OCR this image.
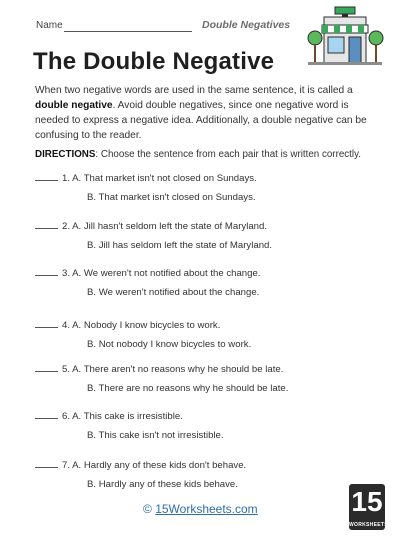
Name	Double Negatives
The Double Negative
When two negative words are used in the same sentence, it is called a double negative. Avoid double negatives, since one negative word is needed to express a negative idea. Additionally, a double negative can be confusing to the reader.
DIRECTIONS: Choose the sentence from each pair that is written correctly.
1. A. That market isn't not closed on Sundays.
B. That market isn't closed on Sundays.
2. A. Jill hasn't seldom left the state of Maryland.
B. Jill has seldom left the state of Maryland.
3. A. We weren't not notified about the change.
B. We weren't notified about the change.
4. A. Nobody I know bicycles to work.
B. Not nobody I know bicycles to work.
5. A. There aren't no reasons why he should be late.
B. There are no reasons why he should be late.
6. A. This cake is irresistible.
B. This cake isn't not irresistible.
7. A. Hardly any of these kids don't behave.
B. Hardly any of these kids behave.
© 15Worksheets.com	15
WORKSHEETS
